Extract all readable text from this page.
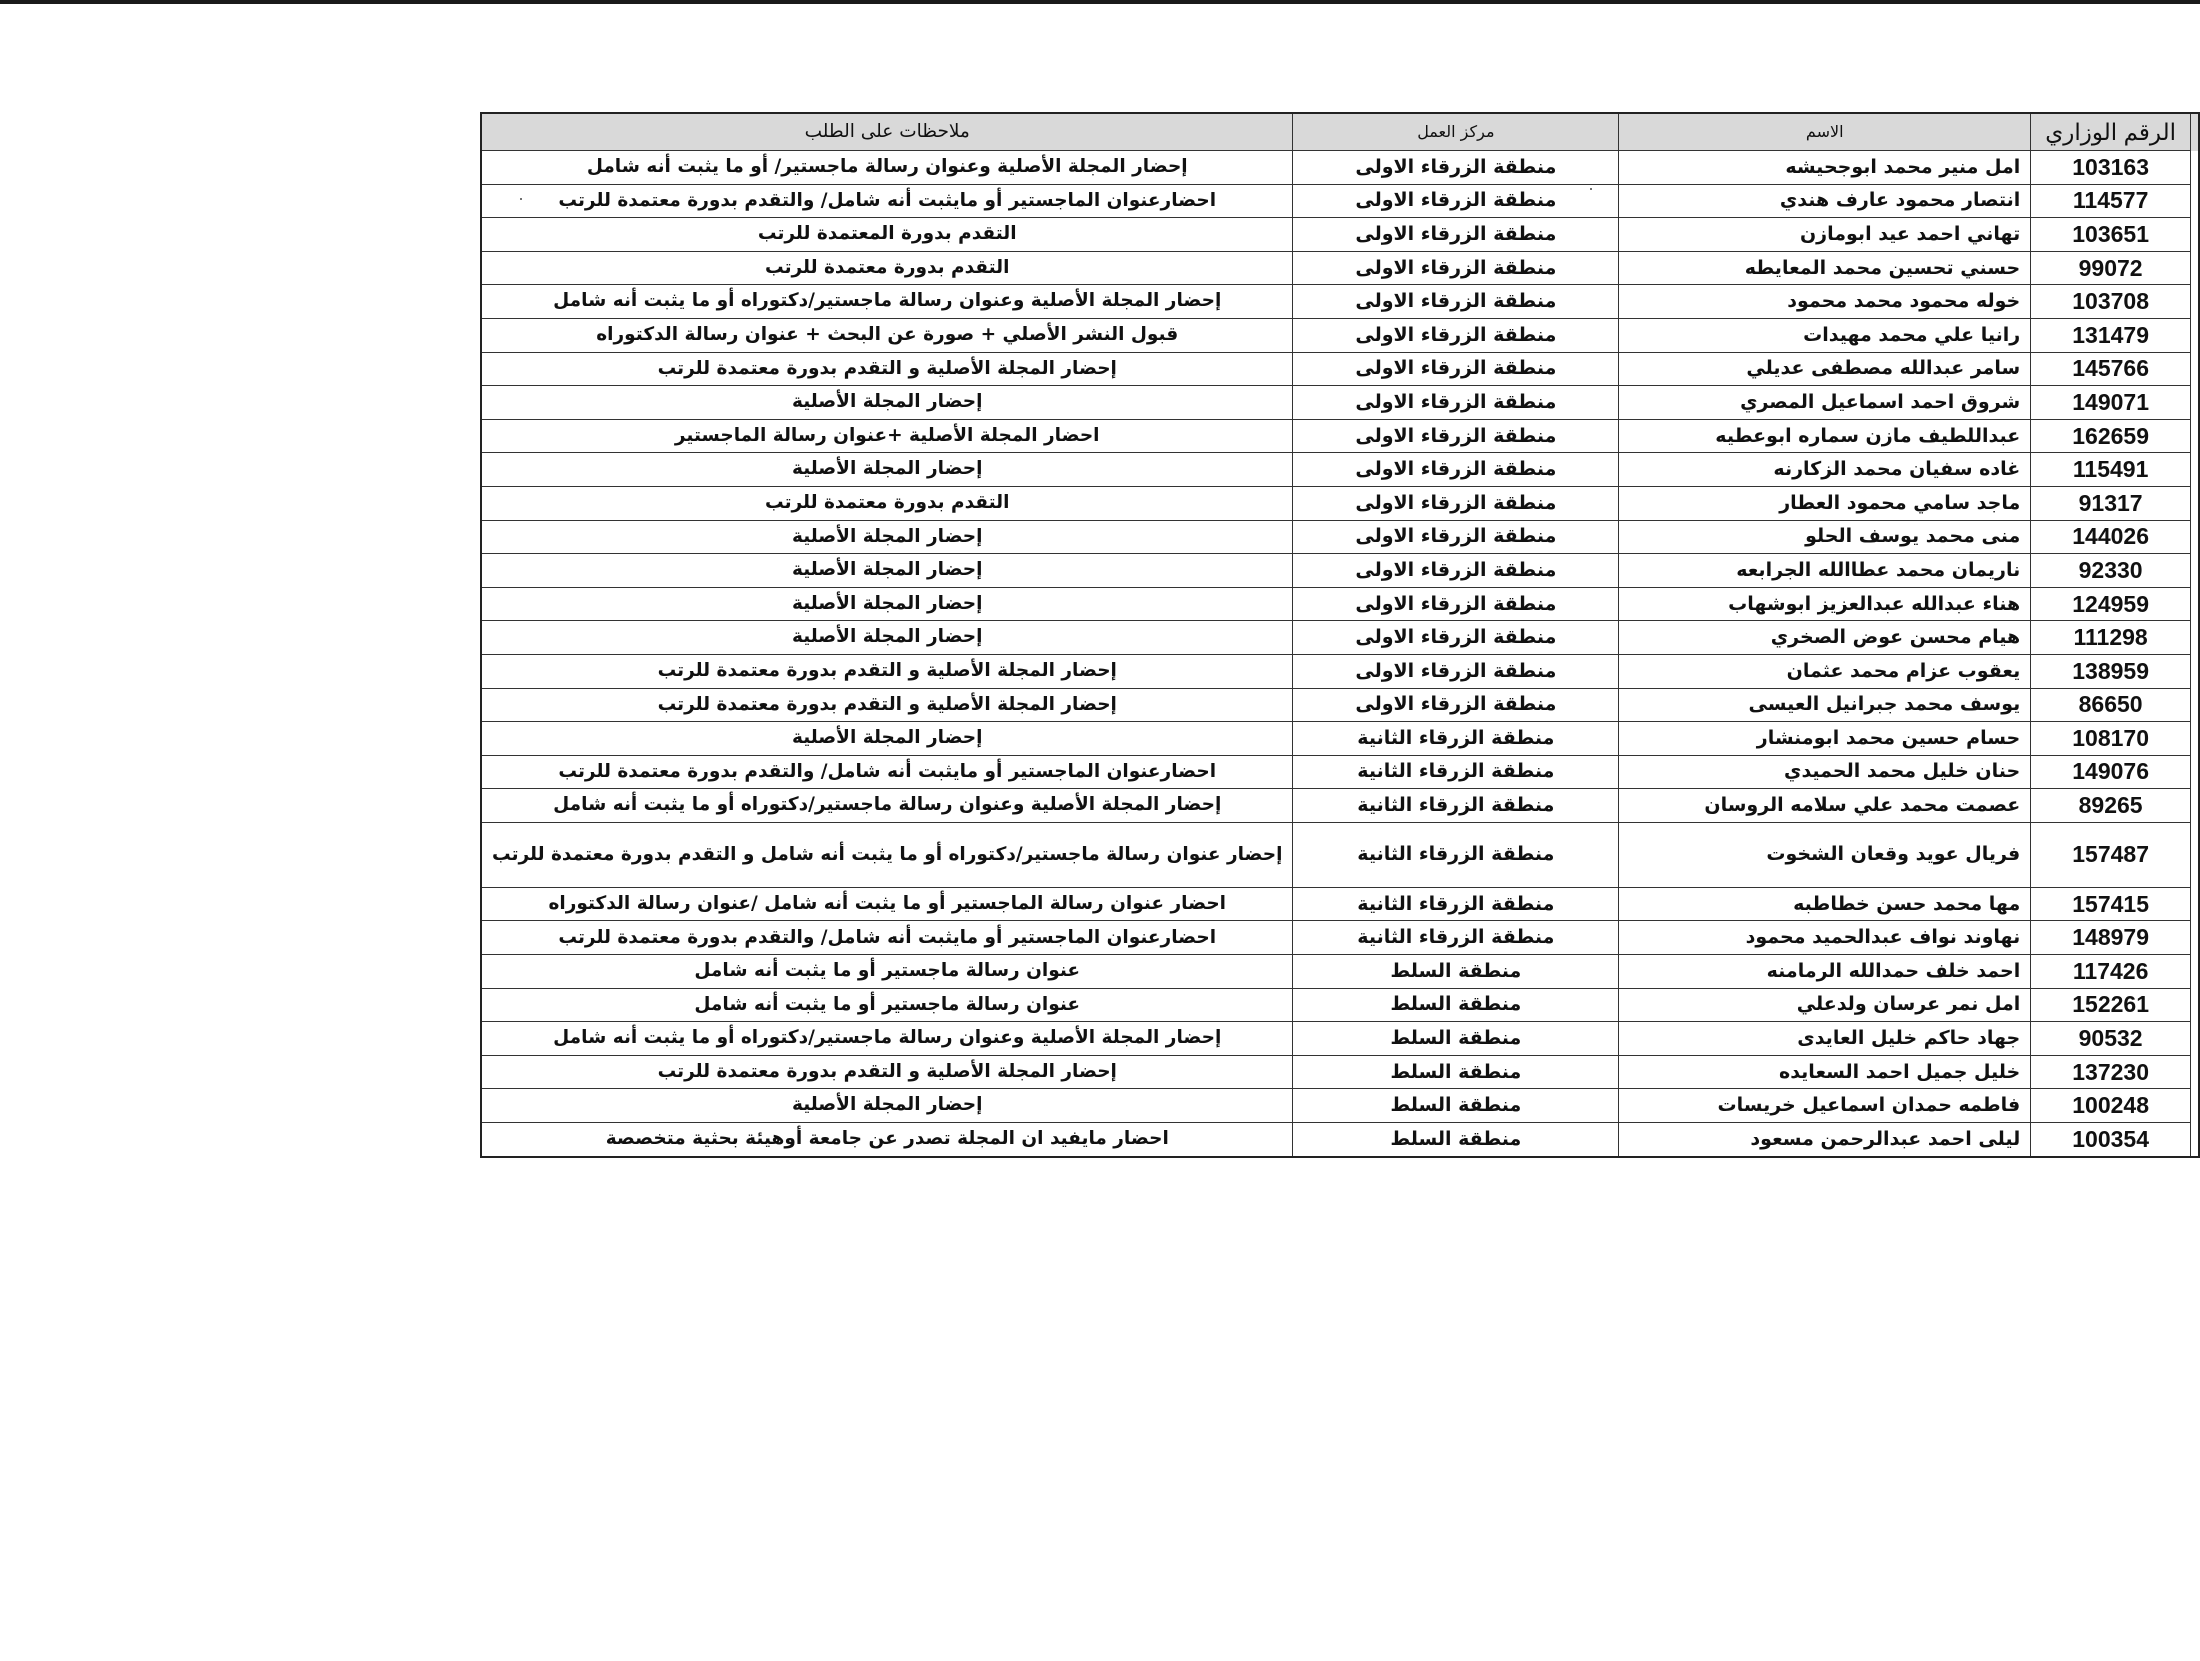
	الرقم الوزاري	الاسم	مركز العمل	ملاحظات على الطلب
	103163	امل منير محمد ابوجحيشه	منطقة الزرقاء الاولى	إحضار المجلة الأصلية وعنوان رسالة ماجستير/ أو ما يثبت أنه شامل
	114577	انتصار محمود عارف هندي	منطقة الزرقاء الاولى	احضارعنوان الماجستير أو مايثبت أنه شامل/ والتقدم بدورة معتمدة للرتب
	103651	تهاني احمد عيد ابومازن	منطقة الزرقاء الاولى	التقدم بدورة المعتمدة للرتب
	99072	حسني تحسين محمد المعايطه	منطقة الزرقاء الاولى	التقدم بدورة معتمدة للرتب
	103708	خوله محمود محمد محمود	منطقة الزرقاء الاولى	إحضار المجلة الأصلية وعنوان رسالة ماجستير/دكتوراه أو ما يثبت أنه شامل
	131479	رانيا علي محمد مهيدات	منطقة الزرقاء الاولى	قبول النشر الأصلي + صورة عن البحث + عنوان رسالة الدكتوراه
	145766	سامر عبدالله مصطفى عديلي	منطقة الزرقاء الاولى	إحضار المجلة الأصلية و التقدم بدورة معتمدة للرتب
	149071	شروق احمد اسماعيل المصري	منطقة الزرقاء الاولى	إحضار المجلة الأصلية
	162659	عبداللطيف مازن سماره ابوعطيه	منطقة الزرقاء الاولى	احضار المجلة الأصلية +عنوان رسالة الماجستير
	115491	غاده سفيان محمد الزكارنه	منطقة الزرقاء الاولى	إحضار المجلة الأصلية
	91317	ماجد سامي محمود العطار	منطقة الزرقاء الاولى	التقدم بدورة معتمدة للرتب
	144026	منى محمد يوسف الحلو	منطقة الزرقاء الاولى	إحضار المجلة الأصلية
	92330	ناريمان محمد عطاالله الجرابعه	منطقة الزرقاء الاولى	إحضار المجلة الأصلية
	124959	هناء عبدالله عبدالعزيز ابوشهاب	منطقة الزرقاء الاولى	إحضار المجلة الأصلية
	111298	هيام محسن عوض الصخري	منطقة الزرقاء الاولى	إحضار المجلة الأصلية
	138959	يعقوب عزام محمد عثمان	منطقة الزرقاء الاولى	إحضار المجلة الأصلية و التقدم بدورة معتمدة للرتب
	86650	يوسف محمد جبرانيل العيسى	منطقة الزرقاء الاولى	إحضار المجلة الأصلية و التقدم بدورة معتمدة للرتب
	108170	حسام حسين محمد ابومنشار	منطقة الزرقاء الثانية	إحضار المجلة الأصلية
	149076	حنان خليل محمد الحميدي	منطقة الزرقاء الثانية	احضارعنوان الماجستير أو مايثبت أنه شامل/ والتقدم بدورة معتمدة للرتب
	89265	عصمت محمد علي سلامه الروسان	منطقة الزرقاء الثانية	إحضار المجلة الأصلية وعنوان رسالة ماجستير/دكتوراه أو ما يثبت أنه شامل
	157487	فريال عويد وقعان الشخوت	منطقة الزرقاء الثانية	إحضار عنوان رسالة ماجستير/دكتوراه أو ما يثبت أنه شامل و التقدم بدورة معتمدة للرتب
	157415	مها محمد حسن خطاطبه	منطقة الزرقاء الثانية	احضار عنوان رسالة الماجستير أو ما يثبت أنه شامل /عنوان رسالة الدكتوراه
	148979	نهاوند نواف عبدالحميد محمود	منطقة الزرقاء الثانية	احضارعنوان الماجستير أو مايثبت أنه شامل/ والتقدم بدورة معتمدة للرتب
	117426	احمد خلف حمدالله الرمامنه	منطقة السلط	عنوان رسالة ماجستير أو ما يثبت أنه شامل
	152261	امل نمر عرسان ولدعلي	منطقة السلط	عنوان رسالة ماجستير أو ما يثبت أنه شامل
	90532	جهاد حاكم خليل العايدى	منطقة السلط	إحضار المجلة الأصلية وعنوان رسالة ماجستير/دكتوراه أو ما يثبت أنه شامل
	137230	خليل جميل احمد السعايده	منطقة السلط	إحضار المجلة الأصلية و التقدم بدورة معتمدة للرتب
	100248	فاطمه حمدان اسماعيل خريسات	منطقة السلط	إحضار المجلة الأصلية
	100354	ليلى احمد عبدالرحمن مسعود	منطقة السلط	احضار مايفيد ان المجلة تصدر عن جامعة أوهيئة بحثية متخصصة
